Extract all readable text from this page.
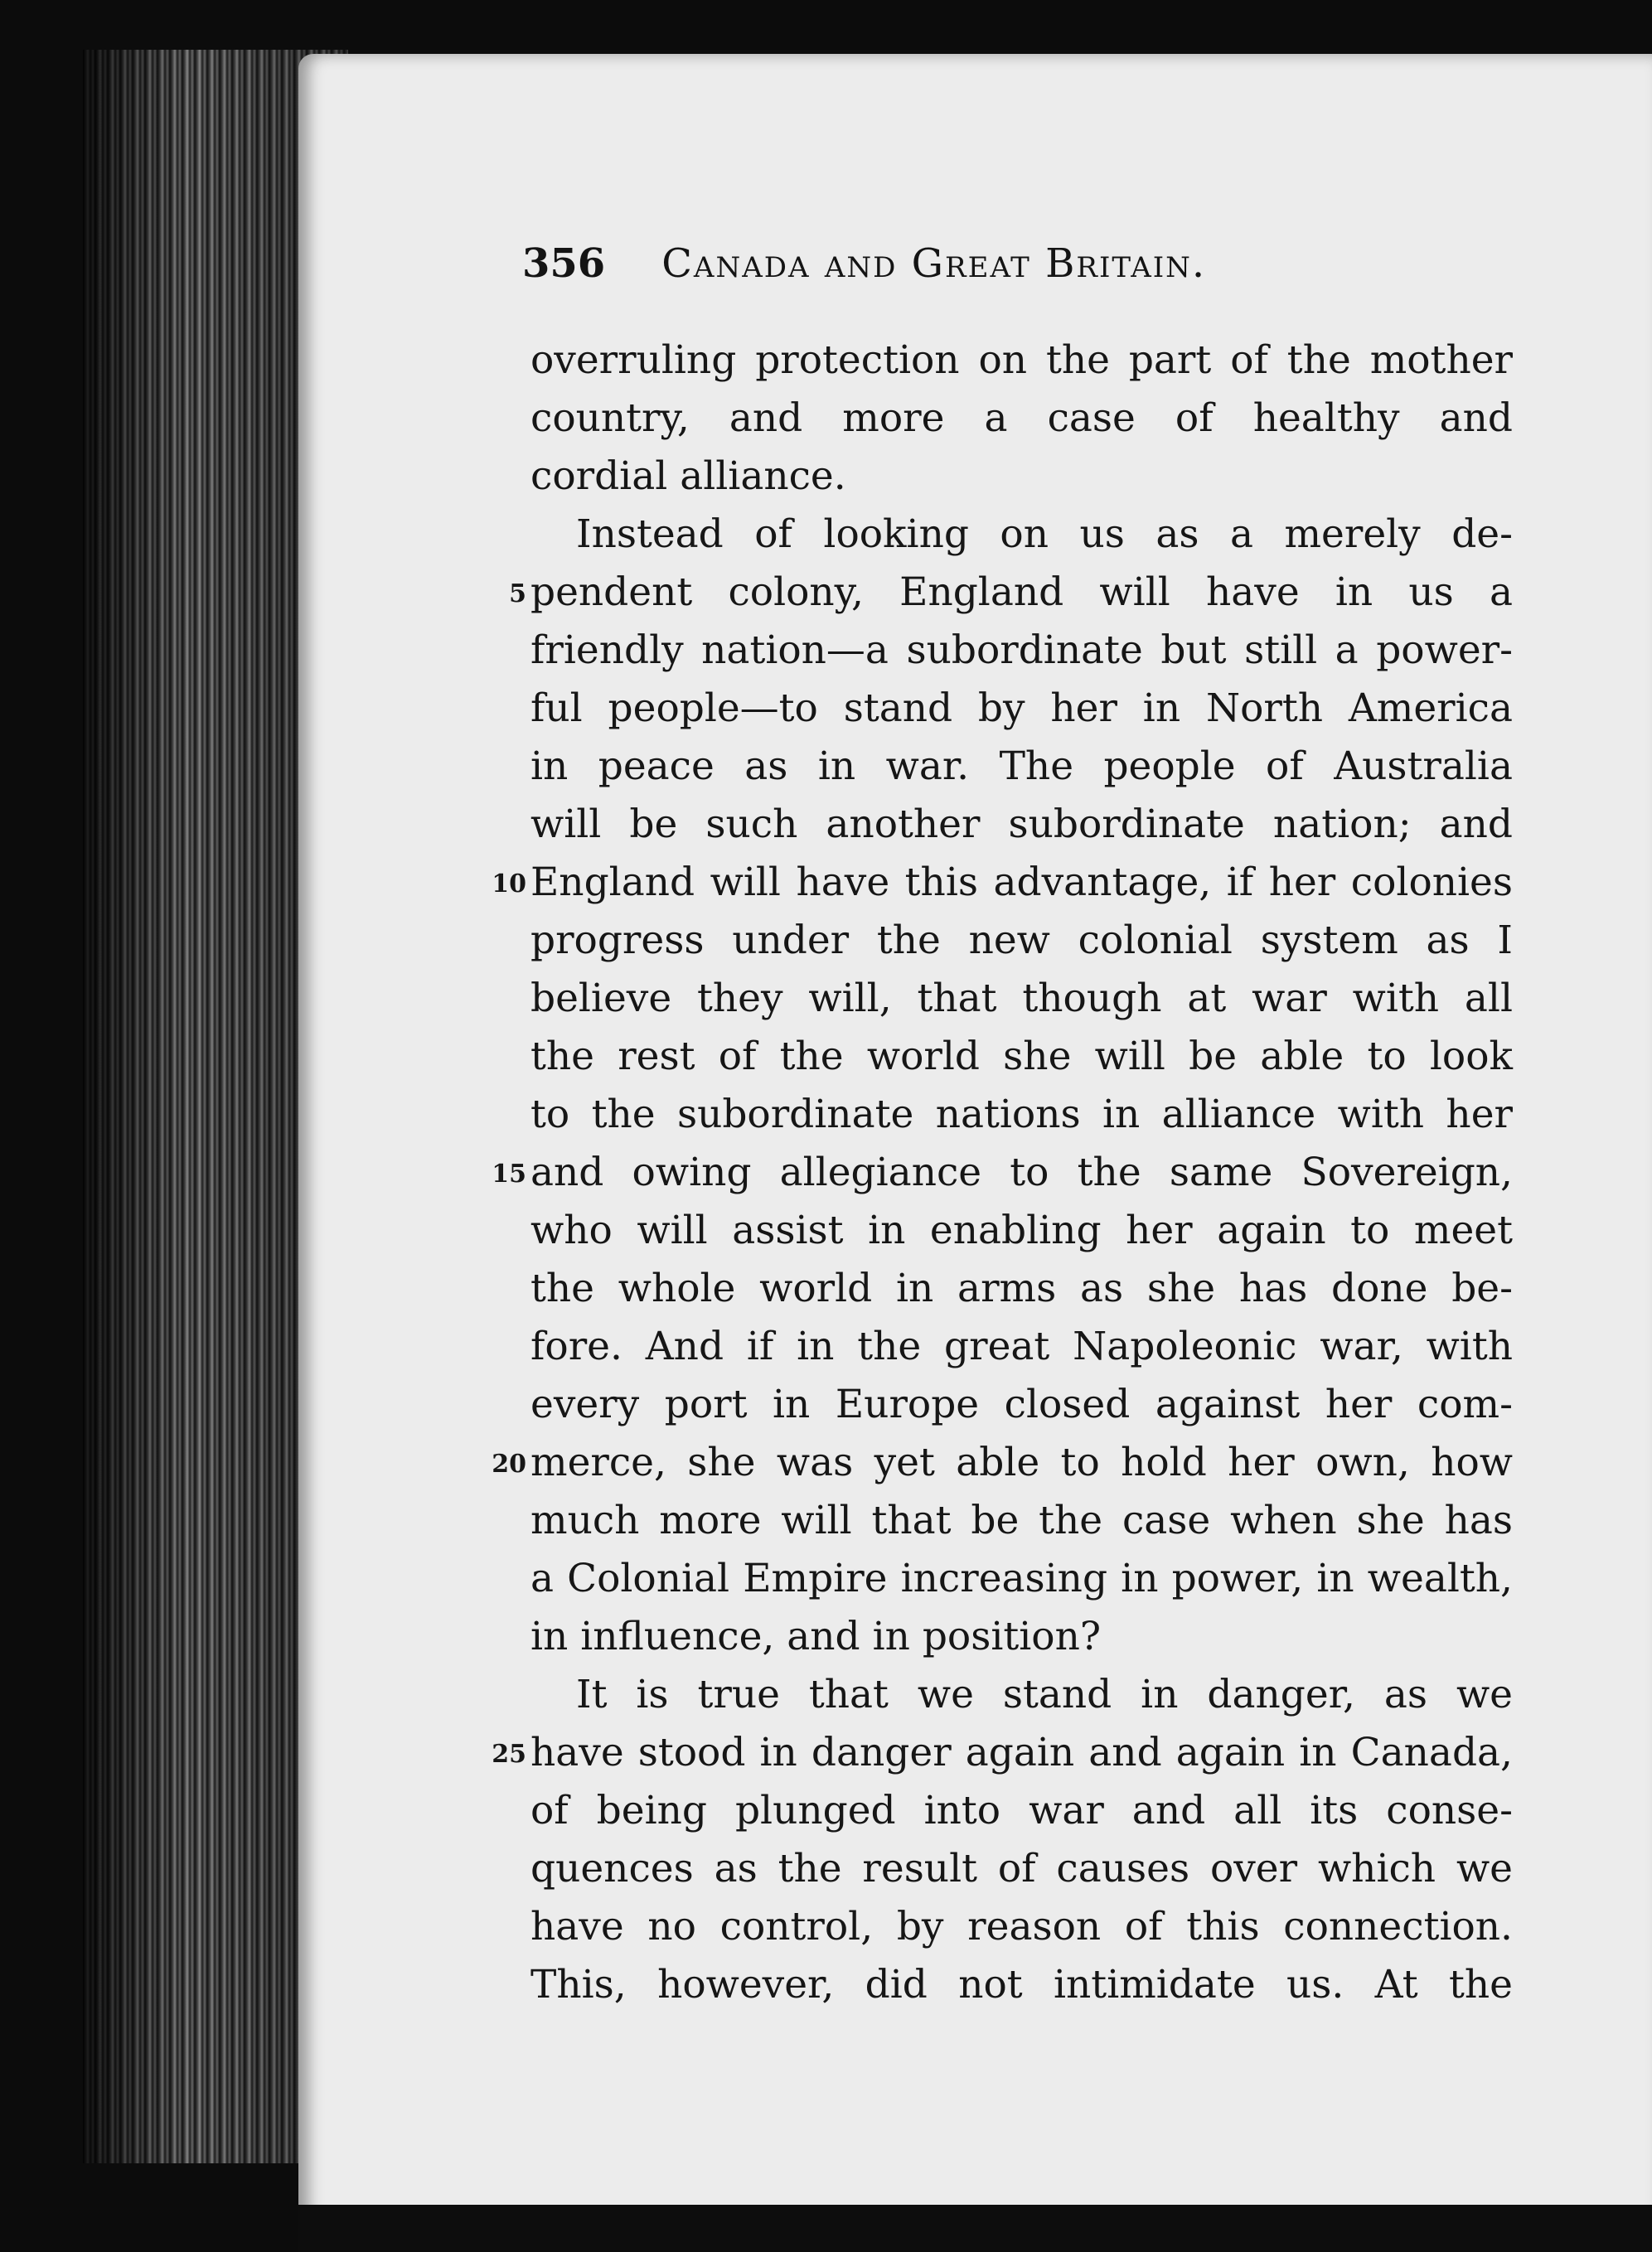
356 Canada and Great Britain.
overruling protection on the part of the mother
country, and more a case of healthy and
cordial alliance.
Instead of looking on us as a merely de-
5 pendent colony, England will have in us a
friendly nation—a subordinate but still a power-
ful people—to stand by her in North America
in peace as in war. The people of Australia
will be such another subordinate nation; and
10 England will have this advantage, if her colonies
progress under the new colonial system as I
believe they will, that though at war with all
the rest of the world she will be able to look
to the subordinate nations in alliance with her
15 and owing allegiance to the same Sovereign,
who will assist in enabling her again to meet
the whole world in arms as she has done be-
fore. And if in the great Napoleonic war, with
every port in Europe closed against her com-
20 merce, she was yet able to hold her own, how
much more will that be the case when she has
a Colonial Empire increasing in power, in wealth,
in influence, and in position?
It is true that we stand in danger, as we
25 have stood in danger again and again in Canada,
of being plunged into war and all its conse-
quences as the result of causes over which we
have no control, by reason of this connection.
This, however, did not intimidate us. At the
